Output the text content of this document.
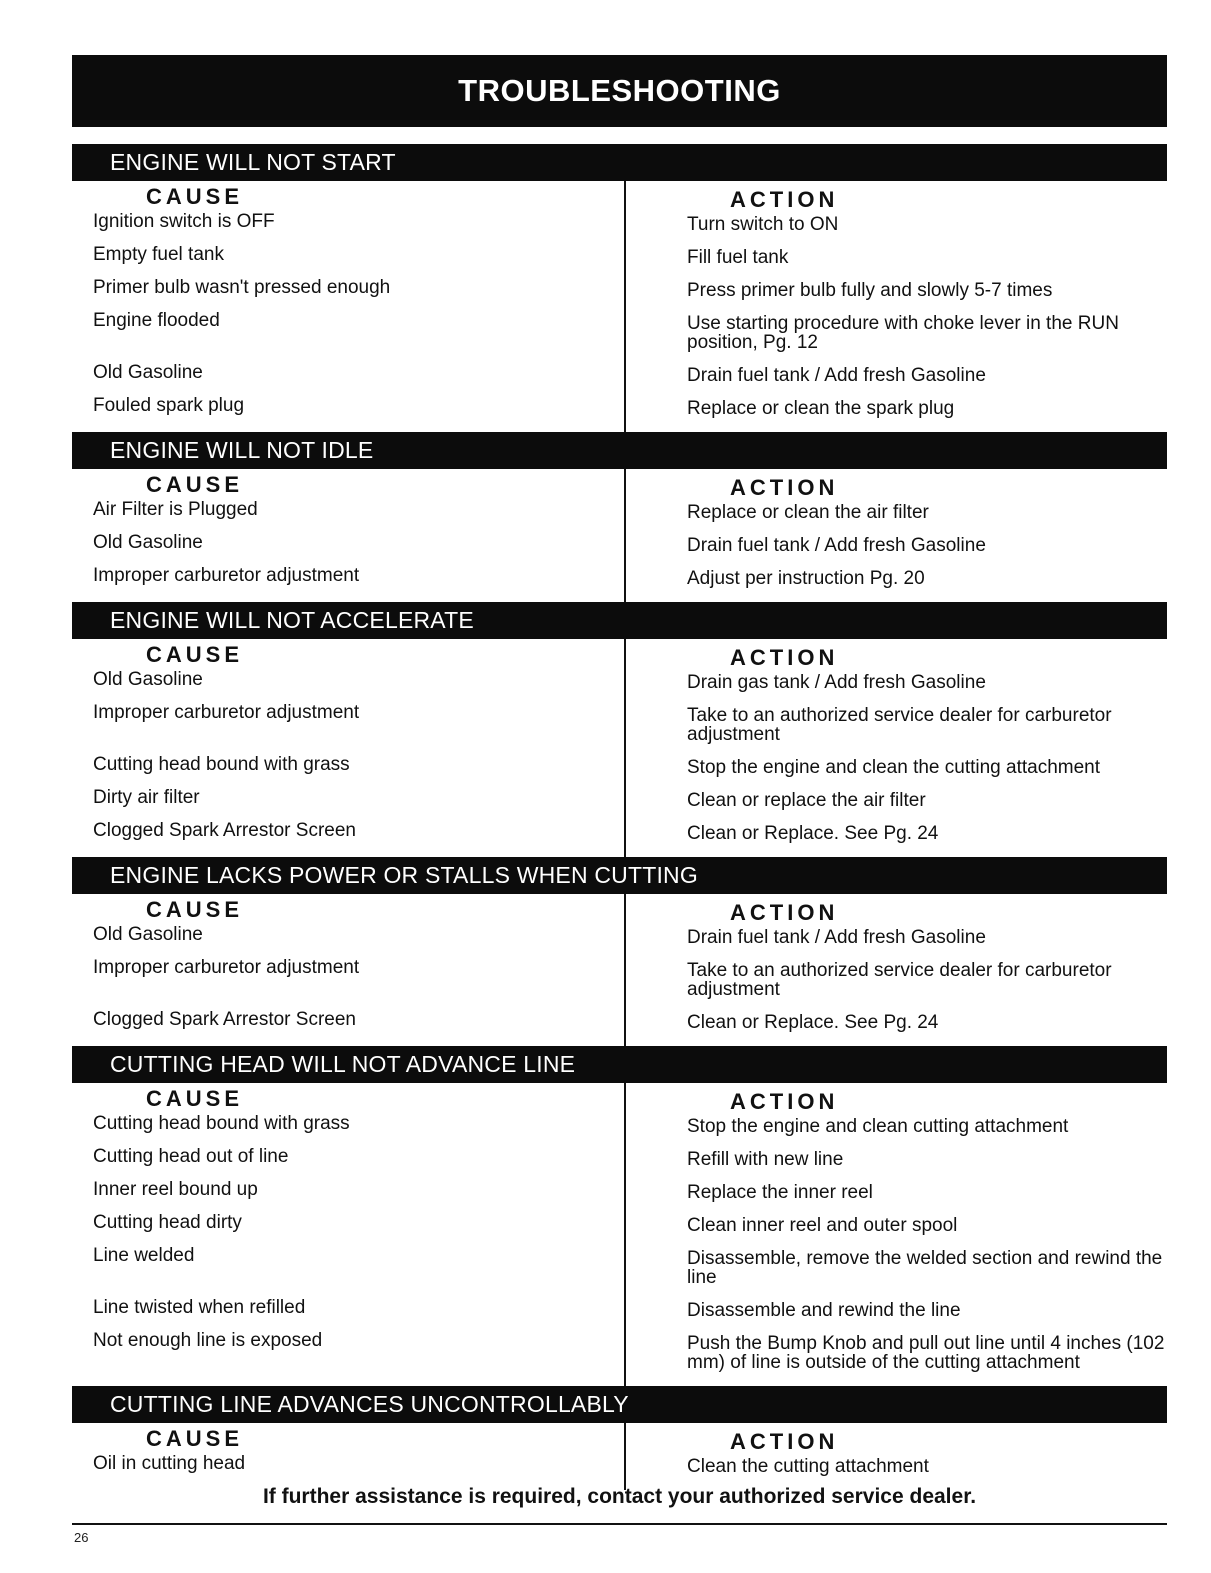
TROUBLESHOOTING
ENGINE WILL NOT START
CAUSE
Ignition switch is OFF
Empty fuel tank
Primer bulb wasn't pressed enough
Engine flooded
Old Gasoline
Fouled spark plug
ACTION
Turn switch to ON
Fill fuel tank
Press primer bulb fully and slowly 5-7 times
Use starting procedure with choke lever in the RUN position, Pg. 12
Drain fuel tank / Add fresh Gasoline
Replace or clean the spark plug
ENGINE WILL NOT IDLE
CAUSE
Air Filter is Plugged
Old Gasoline
Improper carburetor adjustment
ACTION
Replace or clean the air filter
Drain fuel tank / Add fresh Gasoline
Adjust per instruction Pg. 20
ENGINE WILL NOT ACCELERATE
CAUSE
Old Gasoline
Improper carburetor adjustment
Cutting head bound with grass
Dirty air filter
Clogged Spark Arrestor Screen
ACTION
Drain gas tank / Add fresh Gasoline
Take to an authorized service dealer for carburetor adjustment
Stop the engine and clean the cutting attachment
Clean or replace the air filter
Clean or Replace. See Pg. 24
ENGINE LACKS POWER OR STALLS WHEN CUTTING
CAUSE
Old Gasoline
Improper carburetor adjustment
Clogged Spark Arrestor Screen
ACTION
Drain fuel tank / Add fresh Gasoline
Take to an authorized service dealer for carburetor adjustment
Clean or Replace. See Pg. 24
CUTTING HEAD WILL NOT ADVANCE LINE
CAUSE
Cutting head bound with grass
Cutting head out of line
Inner reel bound up
Cutting head dirty
Line welded
Line twisted when refilled
Not enough line is exposed
ACTION
Stop the engine and clean cutting attachment
Refill with new line
Replace the inner reel
Clean inner reel and outer spool
Disassemble, remove the welded section and rewind the line
Disassemble and rewind the line
Push the Bump Knob and pull out line until 4 inches (102 mm) of line is outside of the cutting attachment
CUTTING LINE ADVANCES UNCONTROLLABLY
CAUSE
Oil in cutting head
ACTION
Clean the cutting attachment
If further assistance is required, contact your authorized service dealer.
26
